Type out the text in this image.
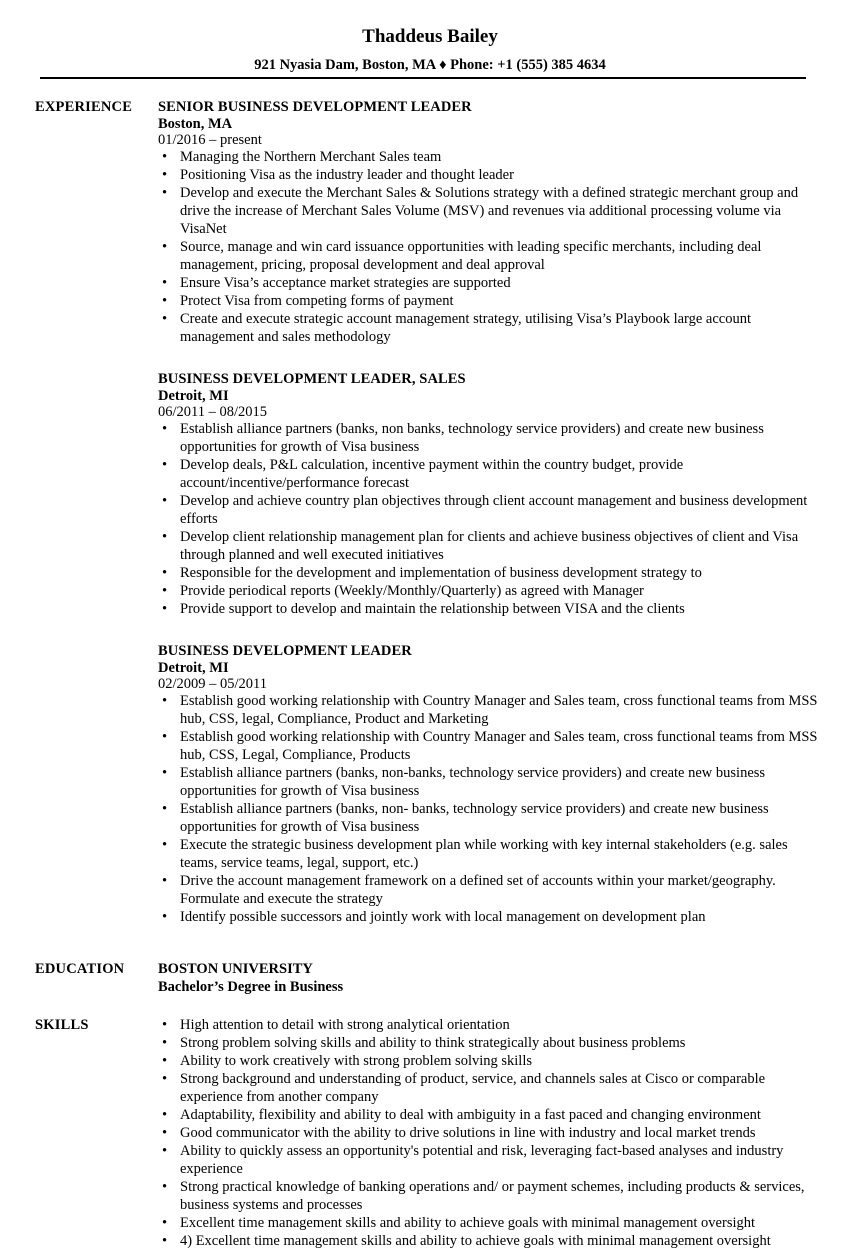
Thaddeus Bailey
921 Nyasia Dam, Boston, MA ♦ Phone: +1 (555) 385 4634
EXPERIENCE SENIOR BUSINESS DEVELOPMENT LEADER
Boston, MA
01/2016 – present
• Managing the Northern Merchant Sales team
• Positioning Visa as the industry leader and thought leader
• Develop and execute the Merchant Sales & Solutions strategy with a defined strategic merchant group and drive the increase of Merchant Sales Volume (MSV) and revenues via additional processing volume via VisaNet
• Source, manage and win card issuance opportunities with leading specific merchants, including deal management, pricing, proposal development and deal approval
• Ensure Visa’s acceptance market strategies are supported
• Protect Visa from competing forms of payment
• Create and execute strategic account management strategy, utilising Visa’s Playbook large account management and sales methodology
BUSINESS DEVELOPMENT LEADER, SALES
Detroit, MI
06/2011 – 08/2015
• Establish alliance partners (banks, non banks, technology service providers) and create new business opportunities for growth of Visa business
• Develop deals, P&L calculation, incentive payment within the country budget, provide account/incentive/performance forecast
• Develop and achieve country plan objectives through client account management and business development efforts
• Develop client relationship management plan for clients and achieve business objectives of client and Visa through planned and well executed initiatives
• Responsible for the development and implementation of business development strategy to
• Provide periodical reports (Weekly/Monthly/Quarterly) as agreed with Manager
• Provide support to develop and maintain the relationship between VISA and the clients
BUSINESS DEVELOPMENT LEADER
Detroit, MI
02/2009 – 05/2011
• Establish good working relationship with Country Manager and Sales team, cross functional teams from MSS hub, CSS, legal, Compliance, Product and Marketing
• Establish good working relationship with Country Manager and Sales team, cross functional teams from MSS hub, CSS, Legal, Compliance, Products
• Establish alliance partners (banks, non-banks, technology service providers) and create new business opportunities for growth of Visa business
• Establish alliance partners (banks, non- banks, technology service providers) and create new business opportunities for growth of Visa business
• Execute the strategic business development plan while working with key internal stakeholders (e.g. sales teams, service teams, legal, support, etc.)
• Drive the account management framework on a defined set of accounts within your market/geography. Formulate and execute the strategy
• Identify possible successors and jointly work with local management on development plan
EDUCATION BOSTON UNIVERSITY
Bachelor’s Degree in Business
SKILLS
•	High attention to detail with strong analytical orientation
• Strong problem solving skills and ability to think strategically about business problems
• Ability to work creatively with strong problem solving skills
• Strong background and understanding of product, service, and channels sales at Cisco or comparable experience from another company
• Adaptability, flexibility and ability to deal with ambiguity in a fast paced and changing environment
• Good communicator with the ability to drive solutions in line with industry and local market trends
• Ability to quickly assess an opportunity's potential and risk, leveraging fact-based analyses and industry experience
• Strong practical knowledge of banking operations and/ or payment schemes, including products & services, business systems and processes
• Excellent time management skills and ability to achieve goals with minimal management oversight
• 4) Excellent time management skills and ability to achieve goals with minimal management oversight
